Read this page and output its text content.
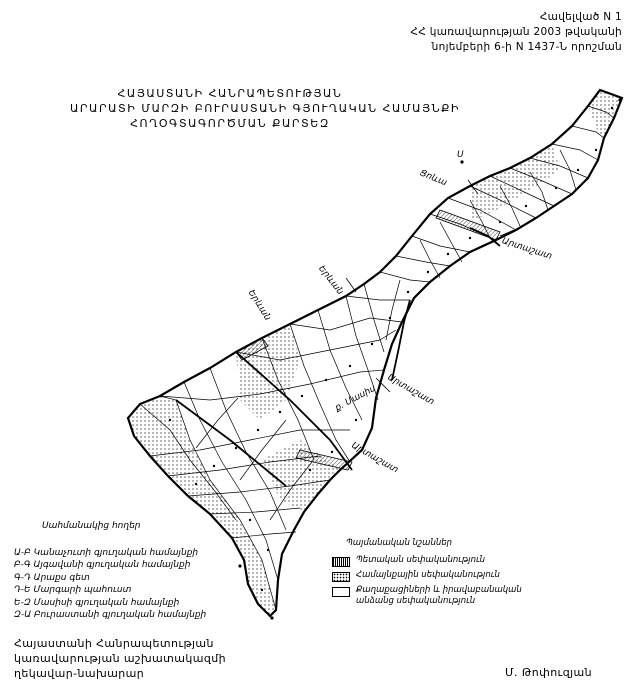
Հավելված N 1
ՀՀ կառավարության 2003 թվականի
նոյեմբերի 6-ի N 1437-Ն որոշման
ՀԱՅԱՍՏԱՆԻ ՀԱՆՐԱՊԵՏՈՒԹՅԱՆ
ԱՐԱՐԱՏԻ ՄԱՐԶԻ ԲՈՒՐԱՍՏԱՆԻ ԳՅՈՒՂԱԿԱՆ ՀԱՄԱՅՆՔԻ
ՀՈՂՕԳՏԱԳՈՐԾՄԱՆ ՔԱՐՏԵԶ
Ցոևա
Արտաշատ
Երևան
Երևան
Արտաշատ
Արտաշատ
ք. Մասիս
Ս
Սահմանակից հողեր
Ա-Բ Կանաչուտի գյուղական համայնքի
Բ-Գ Այգավանի գյուղական համայնքի
Գ-Դ Արաքս գետ
Դ-Ե Մարգարի պահուստ
Ե-Զ Մասիսի գյուղական համայնքի
Զ-Ա Բուրաստանի գյուղական համայնքի
Պայմանական նշաններ
Պետական սեփականություն
Համայնքային սեփականություն
Քաղաքացիների և իրավաբանական անձանց սեփականություն
Հայաստանի Հանրապետության
կառավարության աշխատակազմի
ղեկավար-նախարար	Մ. Թոփուզյան
